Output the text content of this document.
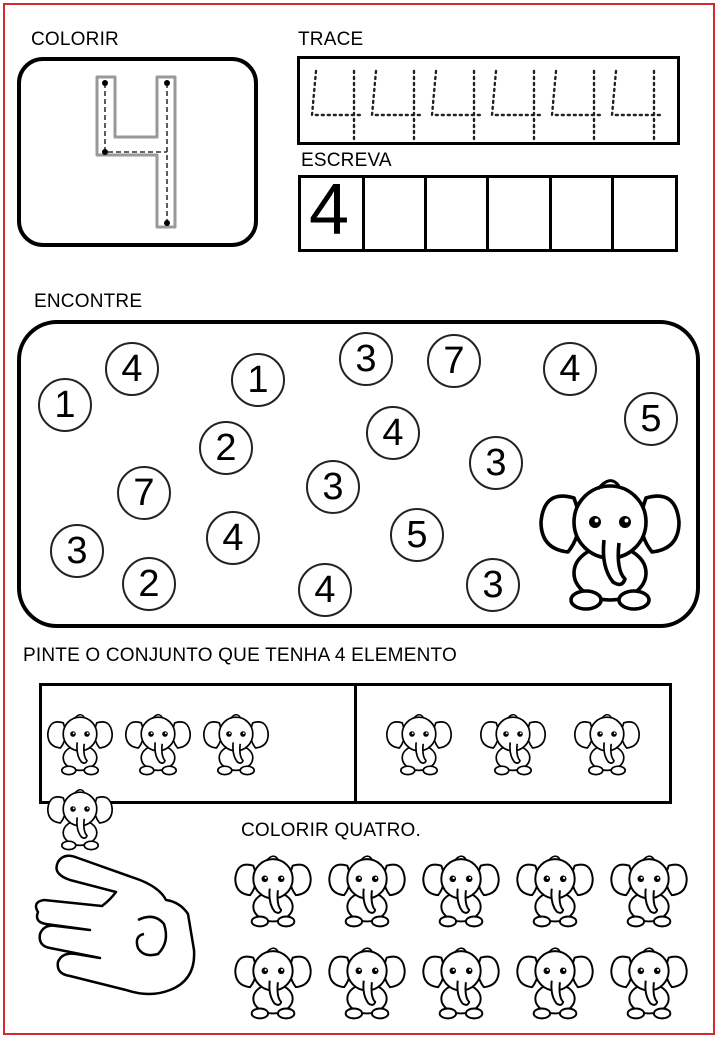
COLORIR	TRACE
ESCREVA
4
ENCONTRE
1
4	1	3	7	4
5
2	4
3
7	3
3	4	5
2	4	3
PINTE O CONJUNTO QUE TENHA 4 ELEMENTO
COLORIR QUATRO.
